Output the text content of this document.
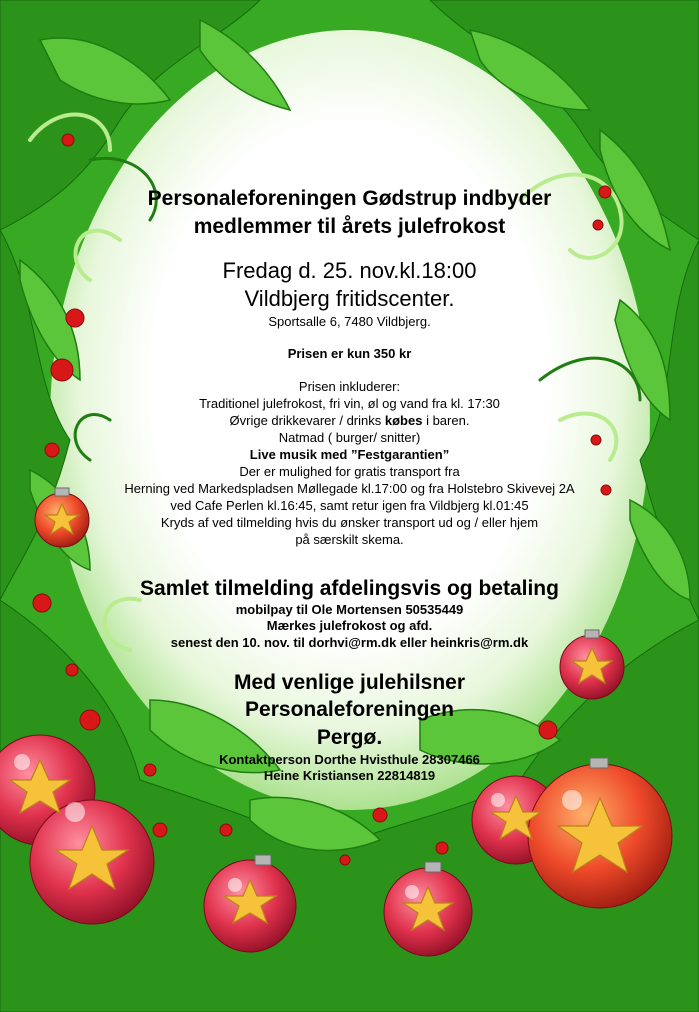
Personaleforeningen Gødstrup indbyder
medlemmer til årets julefrokost
Fredag d. 25. nov.kl.18:00
Vildbjerg fritidscenter.
Sportsalle 6, 7480 Vildbjerg.
Prisen er kun 350 kr
Prisen inkluderer:
Traditionel julefrokost, fri vin, øl og vand fra kl. 17:30
Øvrige drikkevarer / drinks købes i baren.
Natmad ( burger/ snitter)
Live musik med ”Festgarantien”
Der er mulighed for gratis transport fra
Herning ved Markedspladsen Møllegade kl.17:00 og fra Holstebro Skivevej 2A
ved Cafe Perlen kl.16:45, samt retur igen fra Vildbjerg kl.01:45
Kryds af ved tilmelding hvis du ønsker transport ud og / eller hjem
på særskilt skema.
Samlet tilmelding afdelingsvis og betaling
mobilpay til Ole Mortensen 50535449
Mærkes julefrokost og afd.
senest den 10. nov. til dorhvi@rm.dk eller heinkris@rm.dk
Med venlige julehilsner
Personaleforeningen
Pergø.
Kontaktperson Dorthe Hvisthule 28307466
Heine Kristiansen 22814819
